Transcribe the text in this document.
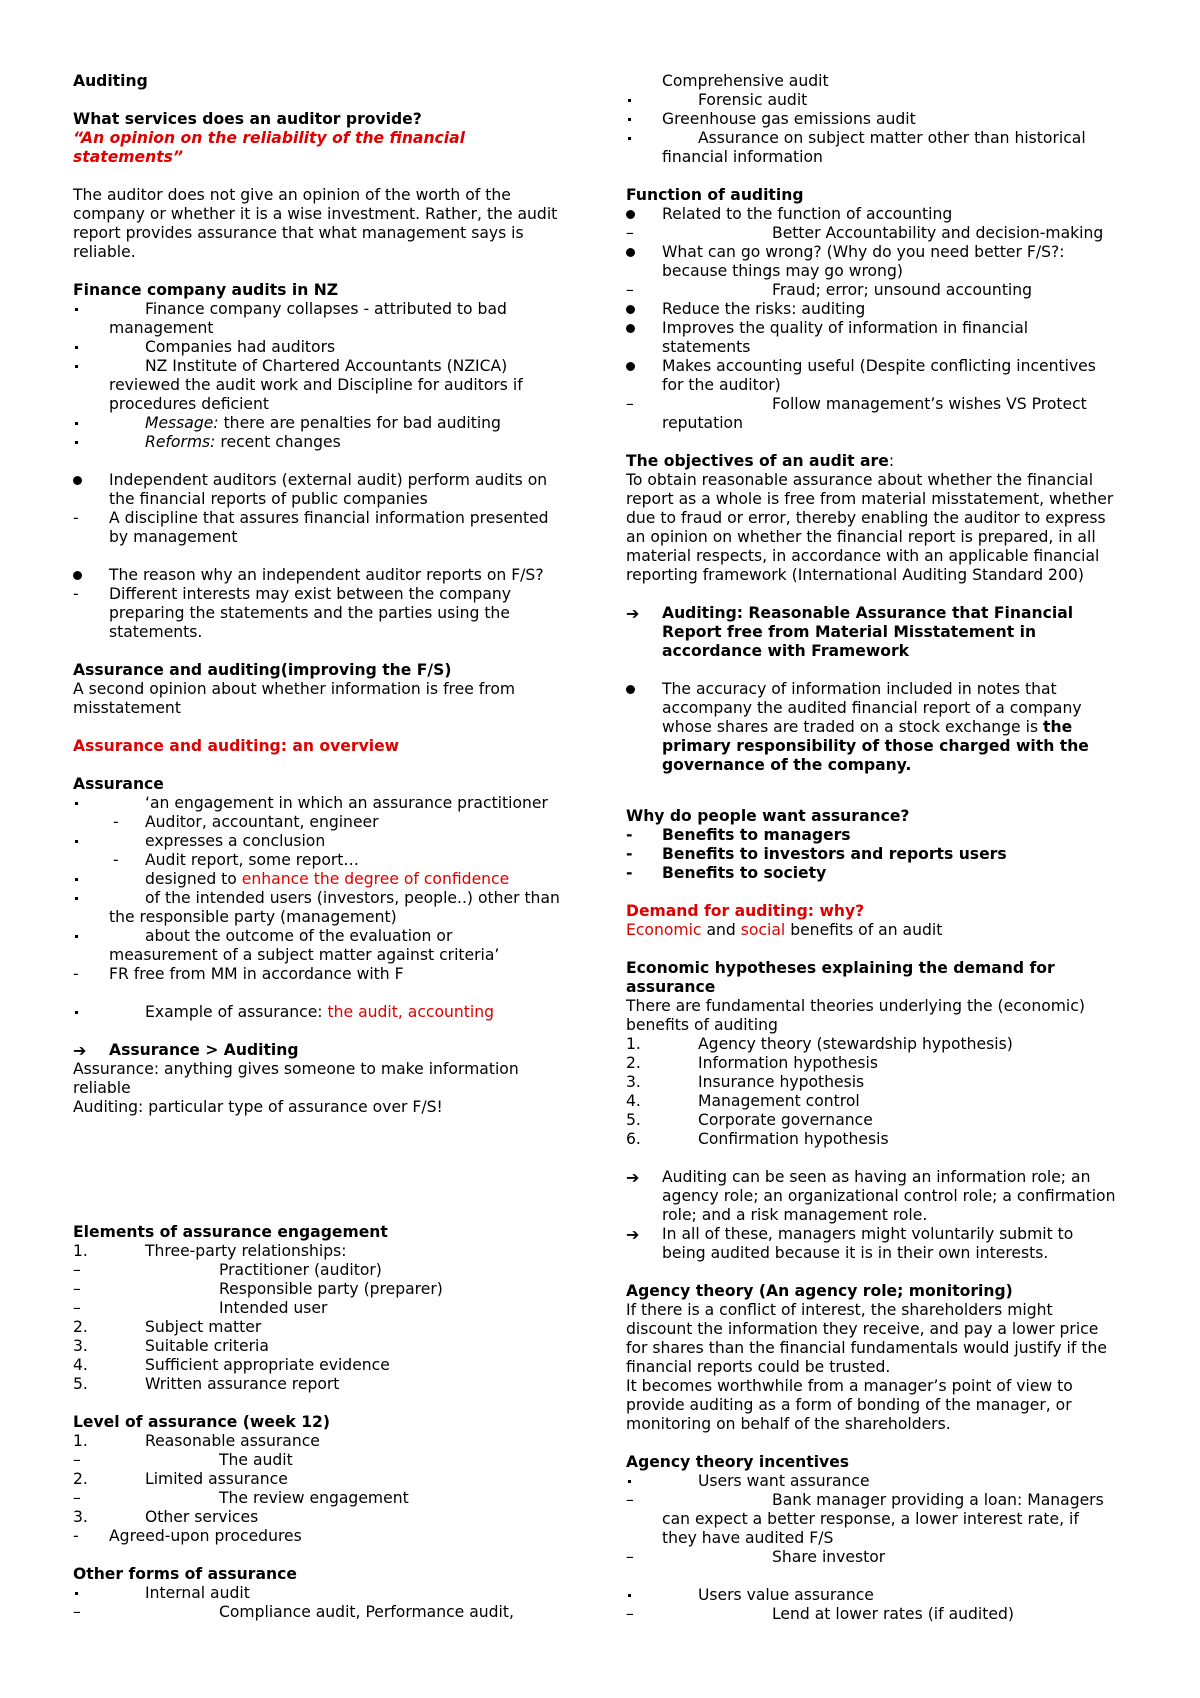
Auditing
What services does an auditor provide?
“An opinion on the reliability of the financial
statements”
The auditor does not give an opinion of the worth of the
company or whether it is a wise investment. Rather, the audit
report provides assurance that what management says is
reliable.
Finance company audits in NZ
Finance company collapses - attributed to bad
management
Companies had auditors
NZ Institute of Chartered Accountants (NZICA)
reviewed the audit work and Discipline for auditors if
procedures deficient
Message: there are penalties for bad auditing
Reforms: recent changes
Independent auditors (external audit) perform audits on
the financial reports of public companies
-	A discipline that assures financial information presented
by management
The reason why an independent auditor reports on F/S?
-	Different interests may exist between the company
preparing the statements and the parties using the
statements.
Assurance and auditing(improving the F/S)
A second opinion about whether information is free from
misstatement
Assurance and auditing: an overview
Assurance
‘an engagement in which an assurance practitioner
- Auditor, accountant, engineer
expresses a conclusion
- Audit report, some report…
designed to enhance the degree of confidence
of the intended users (investors, people..) other than
the responsible party (management)
about the outcome of the evaluation or
measurement of a subject matter against criteria’
-	FR free from MM in accordance with F
Example of assurance: the audit, accounting
➔	Assurance > Auditing
Assurance: anything gives someone to make information
reliable
Auditing: particular type of assurance over F/S!
Elements of assurance engagement
1.	Three-party relationships:
–	Practitioner (auditor)
–	Responsible party (preparer)
–	Intended user
2.	Subject matter
3.	Suitable criteria
4.	Sufficient appropriate evidence
5.	Written assurance report
Level of assurance (week 12)
1.	Reasonable assurance
–	The audit
2.	Limited assurance
–	The review engagement
3.	Other services
-	Agreed-upon procedures
Other forms of assurance
Internal audit
–	Compliance audit, Performance audit,
Comprehensive audit
Forensic audit
Greenhouse gas emissions audit
Assurance on subject matter other than historical
financial information
Function of auditing
Related to the function of accounting
–	Better Accountability and decision-making
What can go wrong? (Why do you need better F/S?:
because things may go wrong)
–	Fraud; error; unsound accounting
Reduce the risks: auditing
Improves the quality of information in financial
statements
Makes accounting useful (Despite conflicting incentives
for the auditor)
–	Follow management’s wishes VS Protect
reputation
The objectives of an audit are:
To obtain reasonable assurance about whether the financial
report as a whole is free from material misstatement, whether
due to fraud or error, thereby enabling the auditor to express
an opinion on whether the financial report is prepared, in all
material respects, in accordance with an applicable financial
reporting framework (International Auditing Standard 200)
➔	Auditing: Reasonable Assurance that Financial
Report free from Material Misstatement in
accordance with Framework
The accuracy of information included in notes that
accompany the audited financial report of a company
whose shares are traded on a stock exchange is the
primary responsibility of those charged with the
governance of the company.
Why do people want assurance?
-	Benefits to managers
-	Benefits to investors and reports users
-	Benefits to society
Demand for auditing: why?
Economic and social benefits of an audit
Economic hypotheses explaining the demand for
assurance
There are fundamental theories underlying the (economic)
benefits of auditing
1.	Agency theory (stewardship hypothesis)
2.	Information hypothesis
3.	Insurance hypothesis
4.	Management control
5.	Corporate governance
6.	Confirmation hypothesis
➔	Auditing can be seen as having an information role; an
agency role; an organizational control role; a confirmation
role; and a risk management role.
➔	In all of these, managers might voluntarily submit to
being audited because it is in their own interests.
Agency theory (An agency role; monitoring)
If there is a conflict of interest, the shareholders might
discount the information they receive, and pay a lower price
for shares than the financial fundamentals would justify if the
financial reports could be trusted.
It becomes worthwhile from a manager’s point of view to
provide auditing as a form of bonding of the manager, or
monitoring on behalf of the shareholders.
Agency theory incentives
Users want assurance
–	Bank manager providing a loan: Managers
can expect a better response, a lower interest rate, if
they have audited F/S
–	Share investor
Users value assurance
–	Lend at lower rates (if audited)
